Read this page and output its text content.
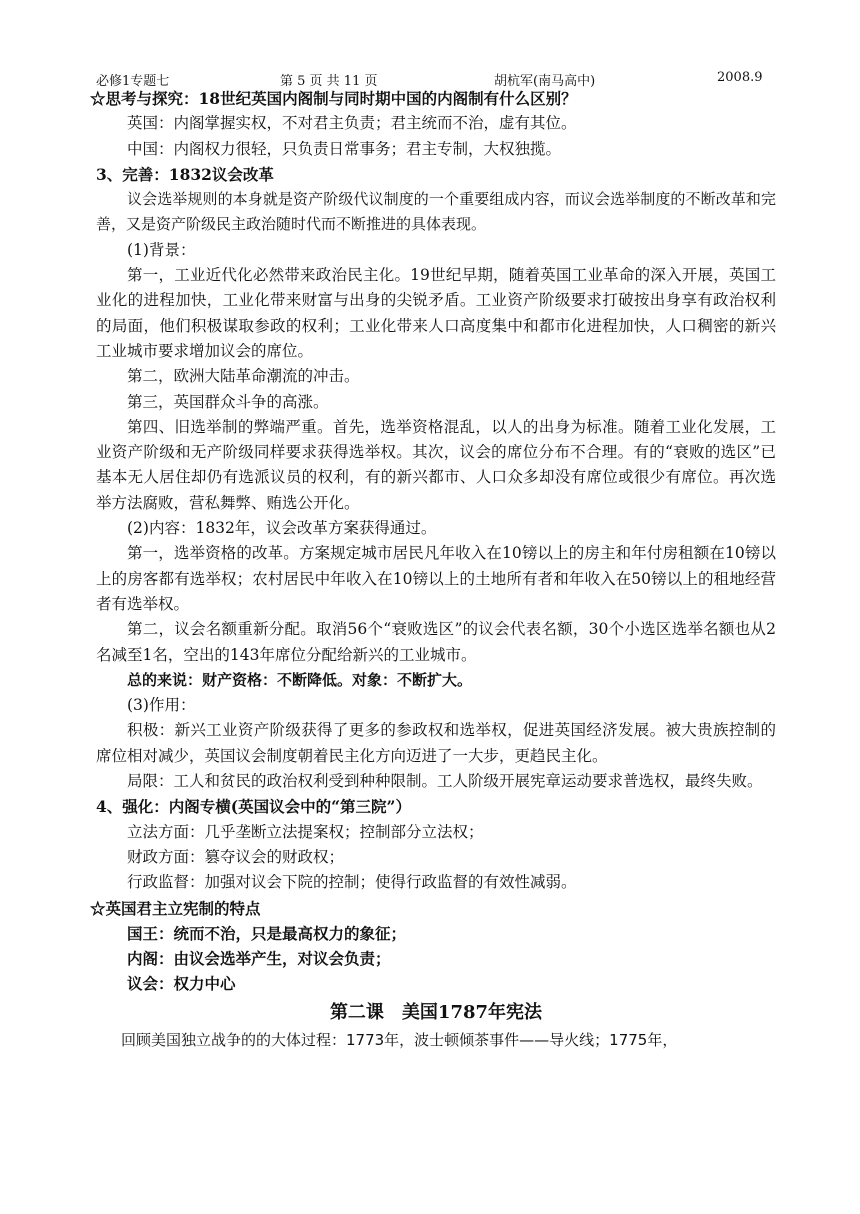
必修1专题七	第 5 页 共 11 页	胡杭军(南马高中)	2008.9
☆思考与探究：18世纪英国内阁制与同时期中国的内阁制有什么区别？
英国：内阁掌握实权，不对君主负责；君主统而不治，虚有其位。
中国：内阁权力很轻，只负责日常事务；君主专制，大权独揽。
3、完善：1832议会改革
议会选举规则的本身就是资产阶级代议制度的一个重要组成内容，而议会选举制度的不断改革和完善，又是资产阶级民主政治随时代而不断推进的具体表现。
(1)背景：
第一，工业近代化必然带来政治民主化。19世纪早期，随着英国工业革命的深入开展，英国工业化的进程加快，工业化带来财富与出身的尖锐矛盾。工业资产阶级要求打破按出身享有政治权利的局面，他们积极谋取参政的权利；工业化带来人口高度集中和都市化进程加快，人口稠密的新兴工业城市要求增加议会的席位。
第二，欧洲大陆革命潮流的冲击。
第三，英国群众斗争的高涨。
第四、旧选举制的弊端严重。首先，选举资格混乱，以人的出身为标准。随着工业化发展，工业资产阶级和无产阶级同样要求获得选举权。其次，议会的席位分布不合理。有的“衰败的选区”已基本无人居住却仍有选派议员的权利，有的新兴都市、人口众多却没有席位或很少有席位。再次选举方法腐败，营私舞弊、贿选公开化。
(2)内容：1832年，议会改革方案获得通过。
第一，选举资格的改革。方案规定城市居民凡年收入在10镑以上的房主和年付房租额在10镑以上的房客都有选举权；农村居民中年收入在10镑以上的土地所有者和年收入在50镑以上的租地经营者有选举权。
第二，议会名额重新分配。取消56个“衰败选区”的议会代表名额，30个小选区选举名额也从2名减至1名，空出的143年席位分配给新兴的工业城市。
总的来说：财产资格：不断降低。对象：不断扩大。
(3)作用：
积极：新兴工业资产阶级获得了更多的参政权和选举权，促进英国经济发展。被大贵族控制的席位相对减少，英国议会制度朝着民主化方向迈进了一大步，更趋民主化。
局限：工人和贫民的政治权利受到种种限制。工人阶级开展宪章运动要求普选权，最终失败。
4、强化：内阁专横(英国议会中的“第三院”）
立法方面：几乎垄断立法提案权；控制部分立法权；
财政方面：篡夺议会的财政权；
行政监督：加强对议会下院的控制；使得行政监督的有效性减弱。
☆英国君主立宪制的特点
国王：统而不治，只是最高权力的象征；
内阁：由议会选举产生，对议会负责；
议会：权力中心
第二课　美国1787年宪法
回顾美国独立战争的的大体过程：1773年，波士顿倾茶事件——导火线；1775年，
